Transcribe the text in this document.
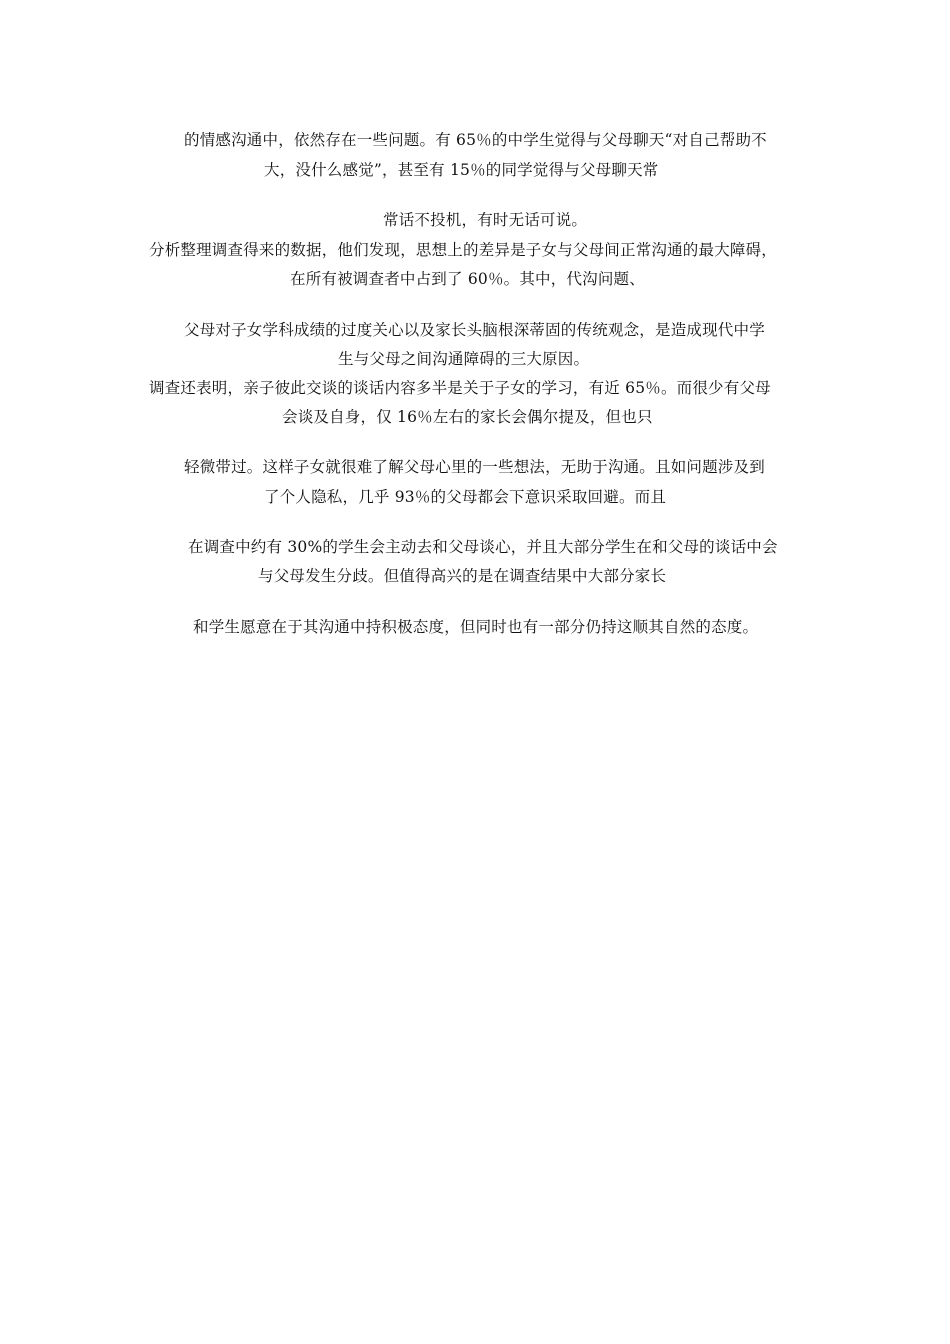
的情感沟通中，依然存在一些问题。有 65％的中学生觉得与父母聊天“对自己帮助不
大，没什么感觉”，甚至有 15％的同学觉得与父母聊天常
常话不投机，有时无话可说。
分析整理调查得来的数据，他们发现，思想上的差异是子女与父母间正常沟通的最大障碍，
在所有被调查者中占到了 60％。其中，代沟问题、
父母对子女学科成绩的过度关心以及家长头脑根深蒂固的传统观念，是造成现代中学
生与父母之间沟通障碍的三大原因。
调查还表明，亲子彼此交谈的谈话内容多半是关于子女的学习，有近 65％。而很少有父母
会谈及自身，仅 16％左右的家长会偶尔提及，但也只
轻微带过。这样子女就很难了解父母心里的一些想法，无助于沟通。且如问题涉及到
了个人隐私，几乎 93％的父母都会下意识采取回避。而且
在调查中约有 30%的学生会主动去和父母谈心，并且大部分学生在和父母的谈话中会
与父母发生分歧。但值得高兴的是在调查结果中大部分家长
和学生愿意在于其沟通中持积极态度，但同时也有一部分仍持这顺其自然的态度。
